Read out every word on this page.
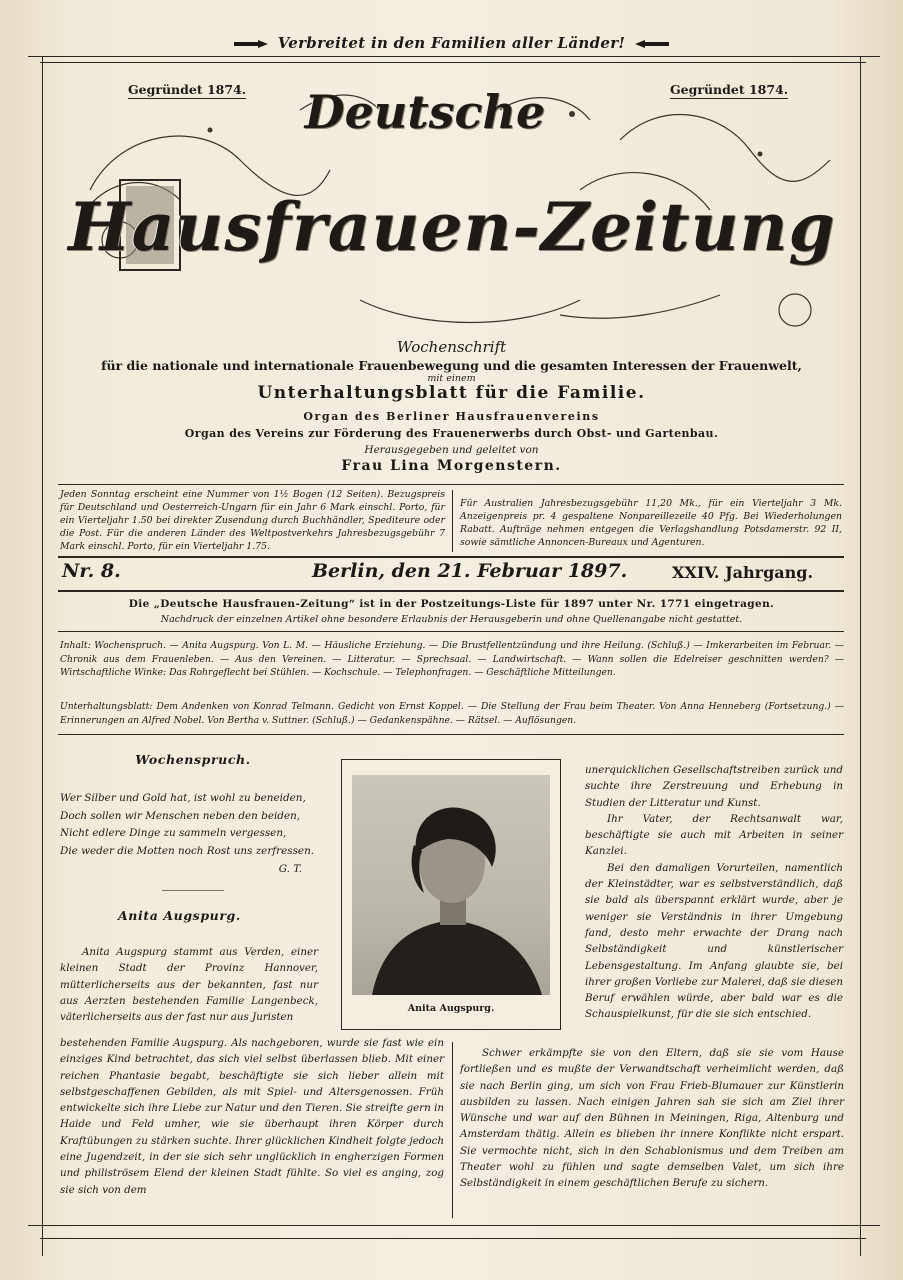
Verbreitet in den Familien aller Länder!
Gegründet 1874.	Gegründet 1874.
Deutsche
Hausfrauen-Zeitung
Wochenschrift
für die nationale und internationale Frauenbewegung und die gesamten Interessen der Frauenwelt,
mit einem
Unterhaltungsblatt für die Familie.
Organ des Berliner Hausfrauenvereins
Organ des Vereins zur Förderung des Frauenerwerbs durch Obst- und Gartenbau.
Herausgegeben und geleitet von
Frau Lina Morgenstern.
Jeden Sonntag erscheint eine Nummer von 1½ Bogen (12 Seiten). Bezugspreis für Deutschland und Oesterreich-Ungarn für ein Jahr 6 Mark einschl. Porto, für ein Vierteljahr 1.50 bei direkter Zusendung durch Buchhändler, Spediteure oder die Post. Für die anderen Länder des Weltpostverkehrs Jahresbezugsgebühr 7 Mark einschl. Porto, für ein Vierteljahr 1.75.
Für Australien Jahresbezugsgebühr 11,20 Mk., für ein Vierteljahr 3 Mk. Anzeigenpreis pr. 4 gespaltene Nonpareillezeile 40 Pfg. Bei Wiederholungen Rabatt. Aufträge nehmen entgegen die Verlagshandlung Potsdamerstr. 92 II, sowie sämtliche Annoncen-Bureaux und Agenturen.
Nr. 8.	Berlin, den 21. Februar 1897.	XXIV. Jahrgang.
Die „Deutsche Hausfrauen-Zeitung“ ist in der Postzeitungs-Liste für 1897 unter Nr. 1771 eingetragen.
Nachdruck der einzelnen Artikel ohne besondere Erlaubnis der Herausgeberin und ohne Quellenangabe nicht gestattet.
Inhalt: Wochenspruch. — Anita Augspurg. Von L. M. — Häusliche Erziehung. — Die Brustfellentzündung und ihre Heilung. (Schluß.) — Imkerarbeiten im Februar. — Chronik aus dem Frauenleben. — Aus den Vereinen. — Litteratur. — Sprechsaal. — Landwirtschaft. — Wann sollen die Edelreiser geschnitten werden? — Wirtschaftliche Winke: Das Rohrgeflecht bei Stühlen. — Kochschule. — Telephonfragen. — Geschäftliche Mitteilungen.
Unterhaltungsblatt: Dem Andenken von Konrad Telmann. Gedicht von Ernst Koppel. — Die Stellung der Frau beim Theater. Von Anna Henneberg (Fortsetzung.) — Erinnerungen an Alfred Nobel. Von Bertha v. Suttner. (Schluß.) — Gedankenspähne. — Rätsel. — Auflösungen.
Wochenspruch.
Wer Silber und Gold hat, ist wohl zu beneiden,
Doch sollen wir Menschen neben den beiden,
Nicht edlere Dinge zu sammeln vergessen,
Die weder die Motten noch Rost uns zerfressen.
G. T.
Anita Augspurg.

Anita Augspurg stammt aus Verden, einer kleinen Stadt der Provinz Hannover, mütterlicherseits aus der bekannten, fast nur aus Aerzten bestehenden Familie Langenbeck, väterlicherseits aus der fast nur aus Juristen

Anita Augspurg.

bestehenden Familie Augspurg. Als nachgeboren, wurde sie fast wie ein einziges Kind betrachtet, das sich viel selbst überlassen blieb. Mit einer reichen Phantasie begabt, beschäftigte sie sich lieber allein mit selbstgeschaffenen Gebilden, als mit Spiel- und Altersgenossen. Früh entwickelte sich ihre Liebe zur Natur und den Tieren. Sie streifte gern in Haide und Feld umher, wie sie überhaupt ihren Körper durch Kraftübungen zu stärken suchte. Ihrer glücklichen Kindheit folgte jedoch eine Jugendzeit, in der sie sich sehr unglücklich in engherzigen Formen und philiströsem Elend der kleinen Stadt fühlte. So viel es anging, zog sie sich von dem

unerquicklichen Gesellschaftstreiben zurück und suchte ihre Zerstreuung und Erhebung in Studien der Litteratur und Kunst.

Ihr Vater, der Rechtsanwalt war, beschäftigte sie auch mit Arbeiten in seiner Kanzlei.

Bei den damaligen Vorurteilen, namentlich der Kleinstädter, war es selbstverständlich, daß sie bald als überspannt erklärt wurde, aber je weniger sie Verständnis in ihrer Umgebung fand, desto mehr erwachte der Drang nach Selbständigkeit und künstlerischer Lebensgestaltung. Im Anfang glaubte sie, bei ihrer großen Vorliebe zur Malerei, daß sie diesen Beruf erwählen würde, aber bald war es die Schauspielkunst, für die sie sich entschied.

Schwer erkämpfte sie von den Eltern, daß sie sie vom Hause fortließen und es mußte der Verwandtschaft verheimlicht werden, daß sie nach Berlin ging, um sich von Frau Frieb-Blumauer zur Künstlerin ausbilden zu lassen. Nach einigen Jahren sah sie sich am Ziel ihrer Wünsche und war auf den Bühnen in Meiningen, Riga, Altenburg und Amsterdam thätig. Allein es blieben ihr innere Konflikte nicht erspart. Sie vermochte nicht, sich in den Schablonismus und dem Treiben am Theater wohl zu fühlen und sagte demselben Valet, um sich ihre Selbständigkeit in einem geschäftlichen Berufe zu sichern.
